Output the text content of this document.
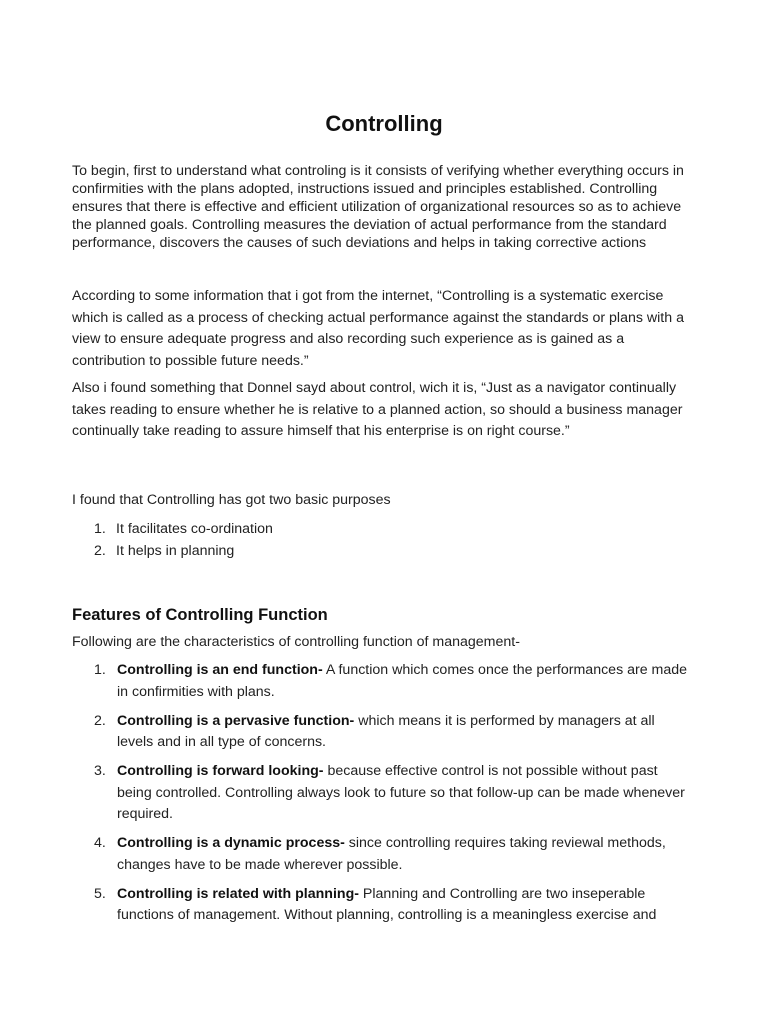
Controlling
To begin, first to understand what controling is it consists of verifying whether everything occurs in confirmities with the plans adopted, instructions issued and principles established. Controlling ensures that there is effective and efficient utilization of organizational resources so as to achieve the planned goals. Controlling measures the deviation of actual performance from the standard performance, discovers the causes of such deviations and helps in taking corrective actions
According to some information that i got from the internet, “Controlling is a systematic exercise which is called as a process of checking actual performance against the standards or plans with a view to ensure adequate progress and also recording such experience as is gained as a contribution to possible future needs.”
Also i found something that Donnel sayd about control, wich it is, “Just as a navigator continually takes reading to ensure whether he is relative to a planned action, so should a business manager continually take reading to assure himself that his enterprise is on right course.”
I found that Controlling has got two basic purposes
1. It facilitates co-ordination
2. It helps in planning
Features of Controlling Function
Following are the characteristics of controlling function of management-
1. Controlling is an end function- A function which comes once the performances are made in confirmities with plans.
2. Controlling is a pervasive function- which means it is performed by managers at all levels and in all type of concerns.
3. Controlling is forward looking- because effective control is not possible without past being controlled. Controlling always look to future so that follow-up can be made whenever required.
4. Controlling is a dynamic process- since controlling requires taking reviewal methods, changes have to be made wherever possible.
5. Controlling is related with planning- Planning and Controlling are two inseperable functions of management. Without planning, controlling is a meaningless exercise and
